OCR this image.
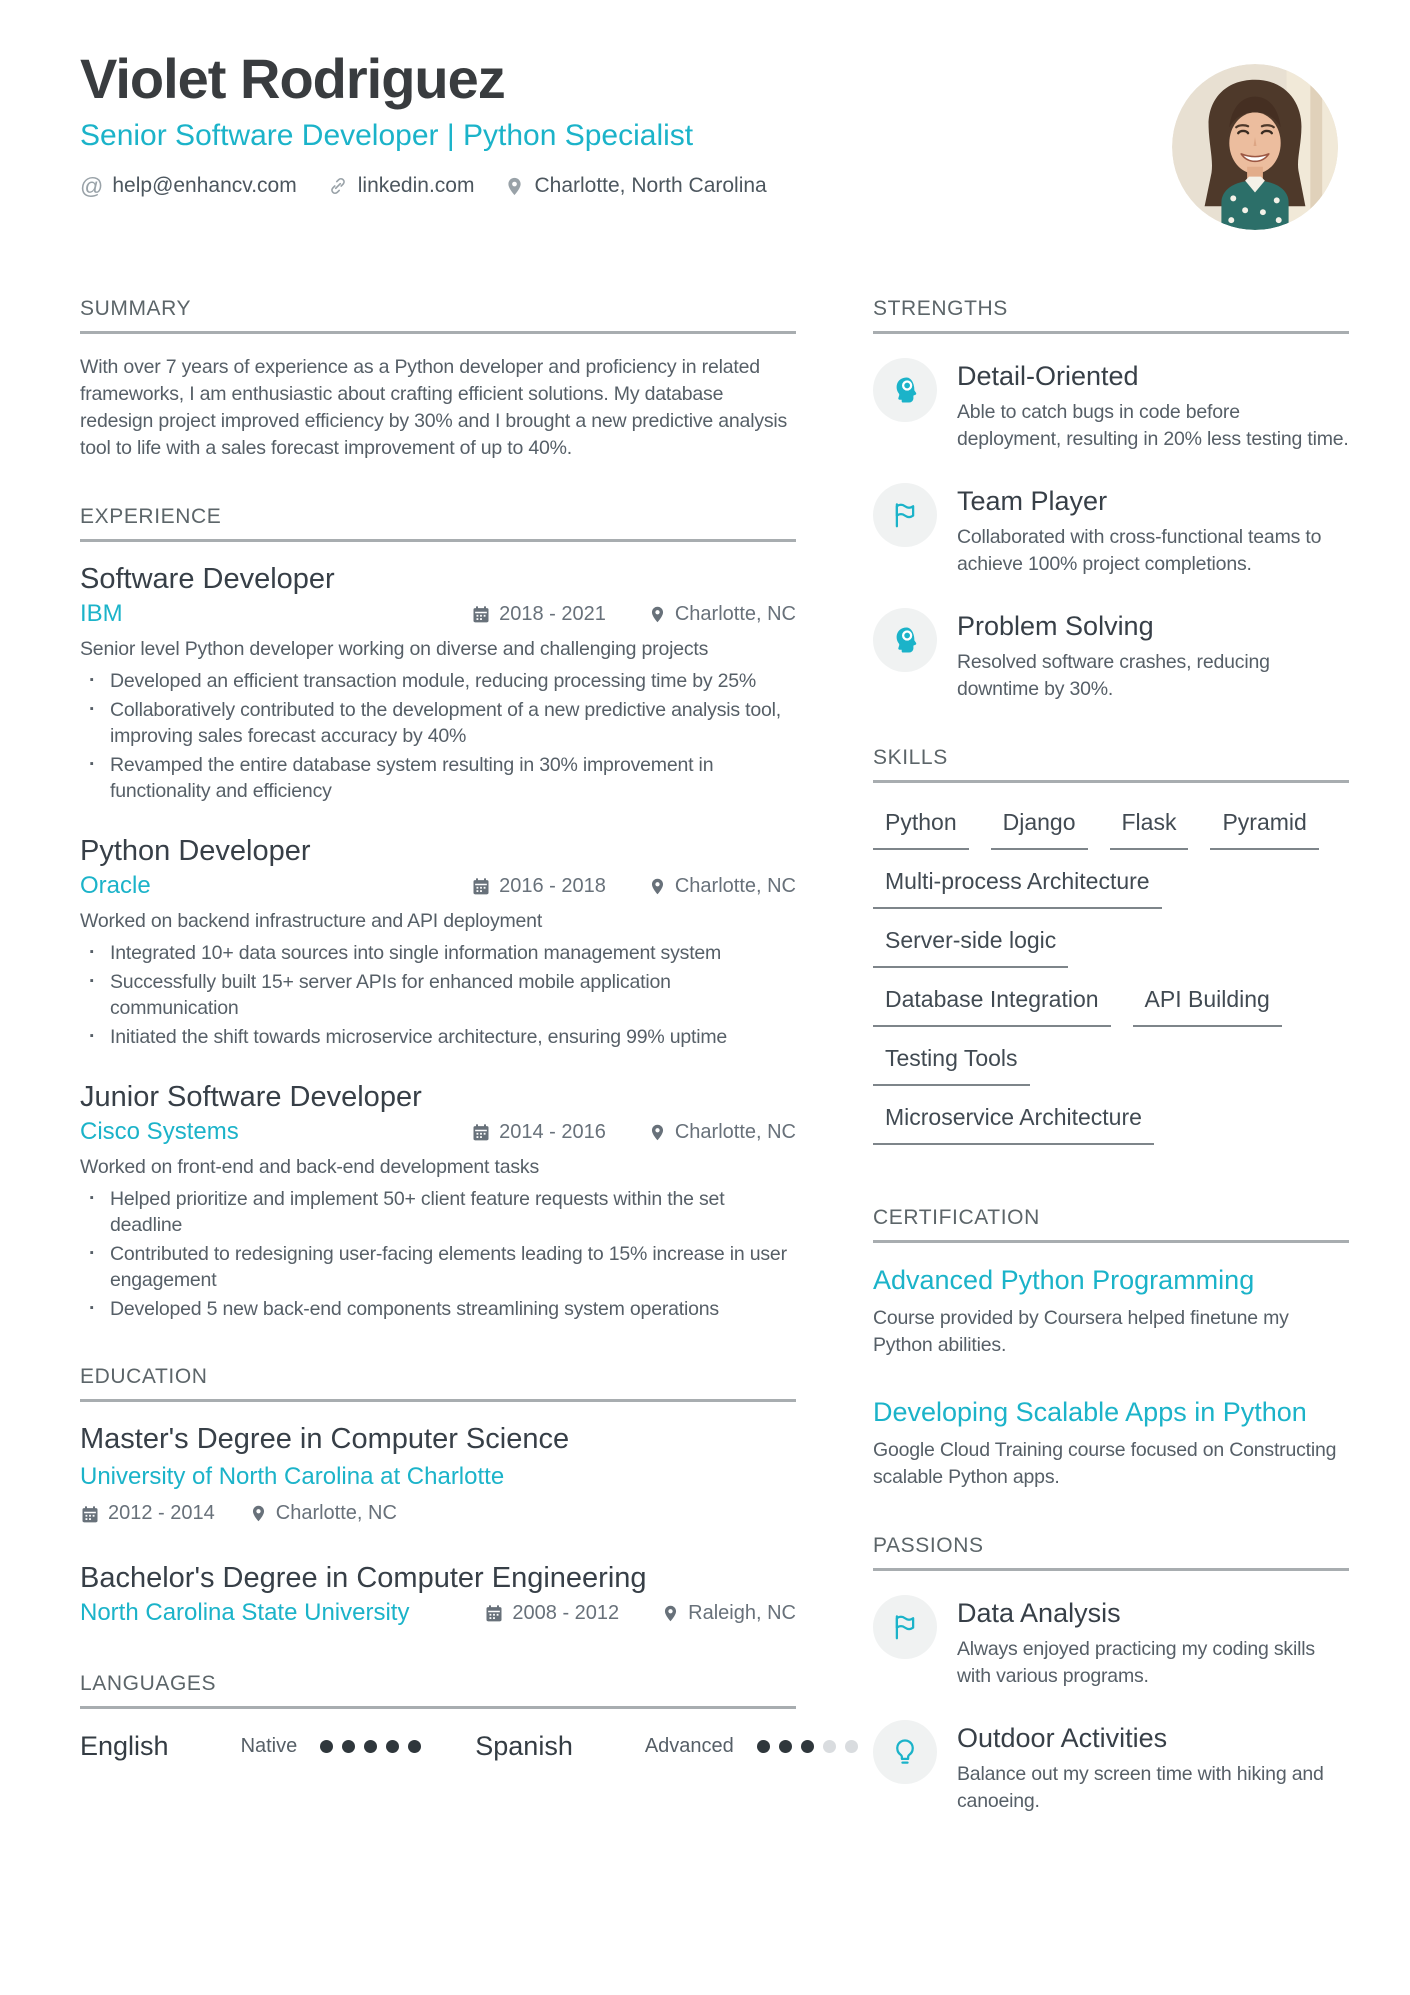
Violet Rodriguez
Senior Software Developer | Python Specialist
@ help@enhancv.com	linkedin.com	Charlotte, North Carolina
SUMMARY
With over 7 years of experience as a Python developer and proficiency in related frameworks, I am enthusiastic about crafting efficient solutions. My database redesign project improved efficiency by 30% and I brought a new predictive analysis tool to life with a sales forecast improvement of up to 40%.
EXPERIENCE
Software Developer
IBM	2018 - 2021	Charlotte, NC
Senior level Python developer working on diverse and challenging projects
· Developed an efficient transaction module, reducing processing time by 25%
· Collaboratively contributed to the development of a new predictive analysis tool, improving sales forecast accuracy by 40%
· Revamped the entire database system resulting in 30% improvement in functionality and efficiency
Python Developer
Oracle	2016 - 2018	Charlotte, NC
Worked on backend infrastructure and API deployment
· Integrated 10+ data sources into single information management system
· Successfully built 15+ server APIs for enhanced mobile application communication
· Initiated the shift towards microservice architecture, ensuring 99% uptime
Junior Software Developer
Cisco Systems	2014 - 2016	Charlotte, NC
Worked on front-end and back-end development tasks
· Helped prioritize and implement 50+ client feature requests within the set deadline
· Contributed to redesigning user-facing elements leading to 15% increase in user engagement
· Developed 5 new back-end components streamlining system operations
EDUCATION
Master's Degree in Computer Science
University of North Carolina at Charlotte
2012 - 2014	Charlotte, NC
Bachelor's Degree in Computer Engineering
North Carolina State University	2008 - 2012	Raleigh, NC
LANGUAGES
English	Native	Spanish	Advanced
STRENGTHS
Detail-Oriented
Able to catch bugs in code before deployment, resulting in 20% less testing time.
Team Player
Collaborated with cross-functional teams to achieve 100% project completions.
Problem Solving
Resolved software crashes, reducing downtime by 30%.
SKILLS
Python	Django	Flask	Pyramid
Multi-process Architecture
Server-side logic
Database Integration	API Building
Testing Tools
Microservice Architecture
CERTIFICATION
Advanced Python Programming
Course provided by Coursera helped finetune my Python abilities.
Developing Scalable Apps in Python
Google Cloud Training course focused on Constructing scalable Python apps.
PASSIONS
Data Analysis
Always enjoyed practicing my coding skills with various programs.
Outdoor Activities
Balance out my screen time with hiking and canoeing.
